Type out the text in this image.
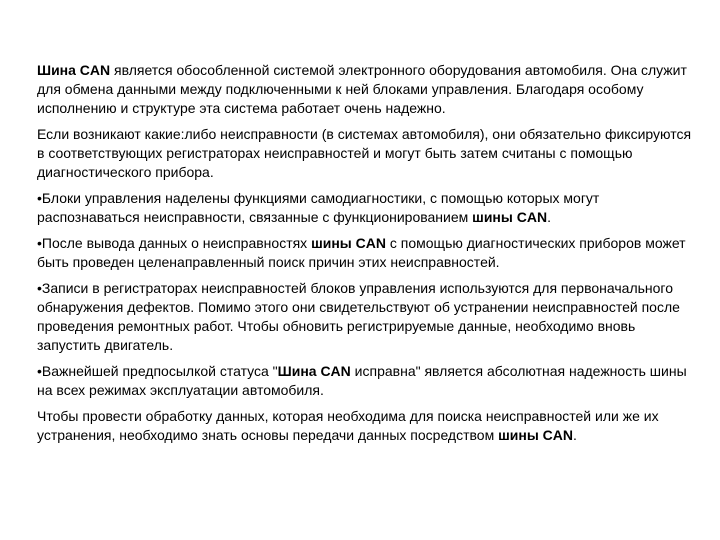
Шина CAN является обособленной системой электронного оборудования автомобиля. Она служит для обмена данными между подключенными к ней блоками управления. Благодаря особому исполнению и структуре эта система работает очень надежно.

Если возникают какие:либо неисправности (в системах автомобиля), они обязательно фиксируются в соответствующих регистраторах неисправностей и могут быть затем считаны с помощью диагностического прибора.

•Блоки управления наделены функциями самодиагностики, с помощью которых могут распознаваться неисправности, связанные с функционированием шины CAN.

•После вывода данных о неисправностях шины CAN с помощью диагностических приборов может быть проведен целенаправленный поиск причин этих неисправностей.

•Записи в регистраторах неисправностей блоков управления используются для первоначального обнаружения дефектов. Помимо этого они свидетельствуют об устранении неисправностей после проведения ремонтных работ. Чтобы обновить регистрируемые данные, необходимо вновь запустить двигатель.

•Важнейшей предпосылкой статуса "Шина CAN исправна" является абсолютная надежность шины на всех режимах эксплуатации автомобиля.

Чтобы провести обработку данных, которая необходима для поиска неисправностей или же их устранения, необходимо знать основы передачи данных посредством шины CAN.
